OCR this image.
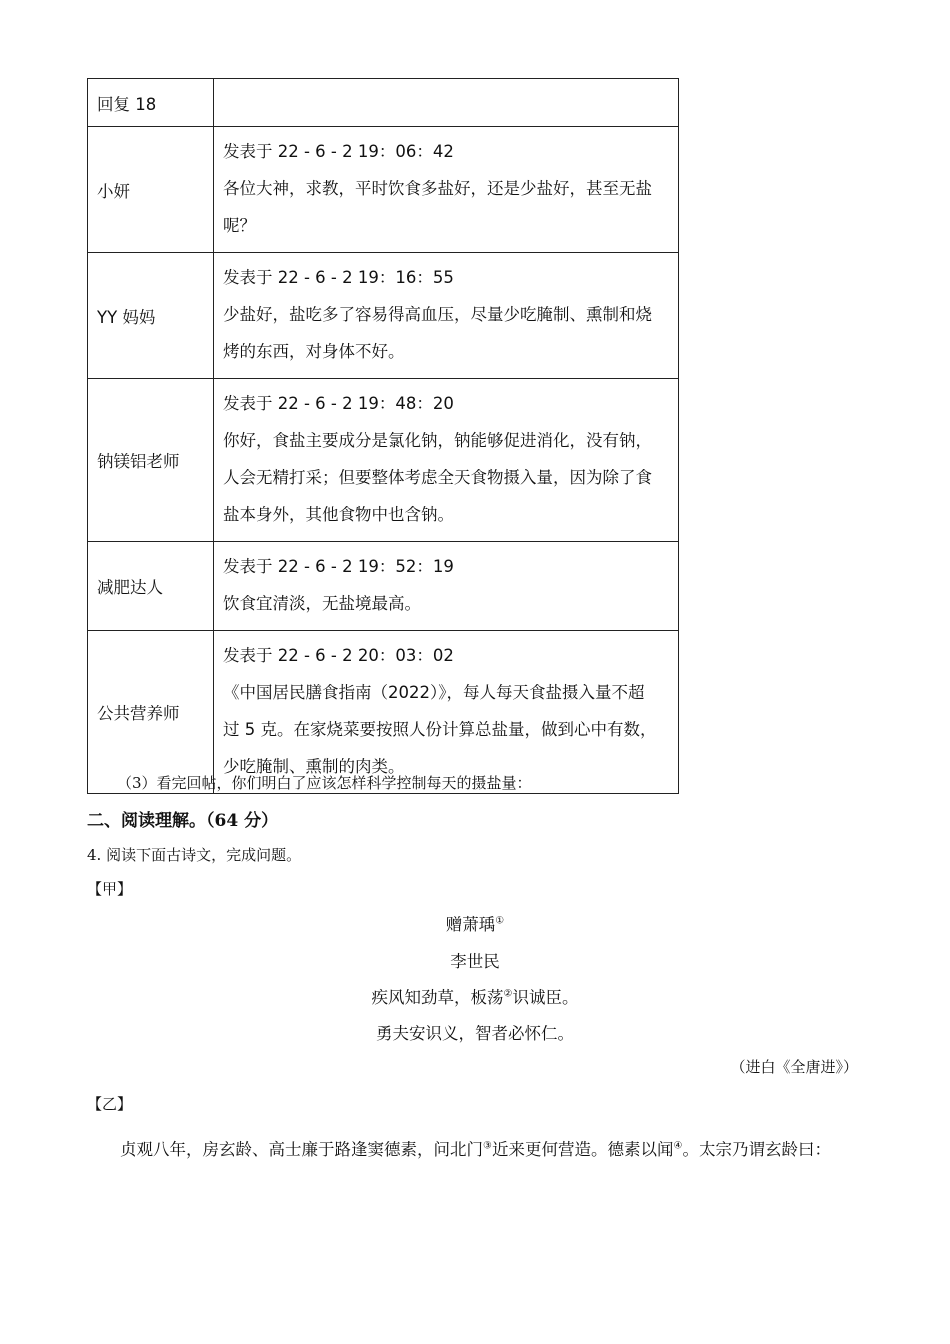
回复 18	
小妍	发表于 22 - 6 - 2 19：06：42
各位大神，求教，平时饮食多盐好，还是少盐好，甚至无盐
呢？

YY 妈妈	发表于 22 - 6 - 2 19：16：55
少盐好，盐吃多了容易得高血压，尽量少吃腌制、熏制和烧
烤的东西，对身体不好。

钠镁铝老师	发表于 22 - 6 - 2 19：48：20
你好，食盐主要成分是氯化钠，钠能够促进消化，没有钠，
人会无精打采；但要整体考虑全天食物摄入量，因为除了食
盐本身外，其他食物中也含钠。

减肥达人	发表于 22 - 6 - 2 19：52：19
饮食宜清淡，无盐境最高。

公共营养师	发表于 22 - 6 - 2 20：03：02
《中国居民膳食指南（2022）》，每人每天食盐摄入量不超
过 5 克。在家烧菜要按照人份计算总盐量，做到心中有数，
少吃腌制、熏制的肉类。
（3）看完回帖，你们明白了应该怎样科学控制每天的摄盐量：
二、阅读理解。（64 分）
4. 阅读下面古诗文，完成问题。
【甲】
赠萧瑀①
李世民
疾风知劲草，板荡②识诚臣。
勇夫安识义，智者必怀仁。
（进白《全唐进》）
【乙】
贞观八年，房玄龄、高士廉于路逢窦德素，问北门③近来更何营造。德素以闻④。太宗乃谓玄龄曰：
